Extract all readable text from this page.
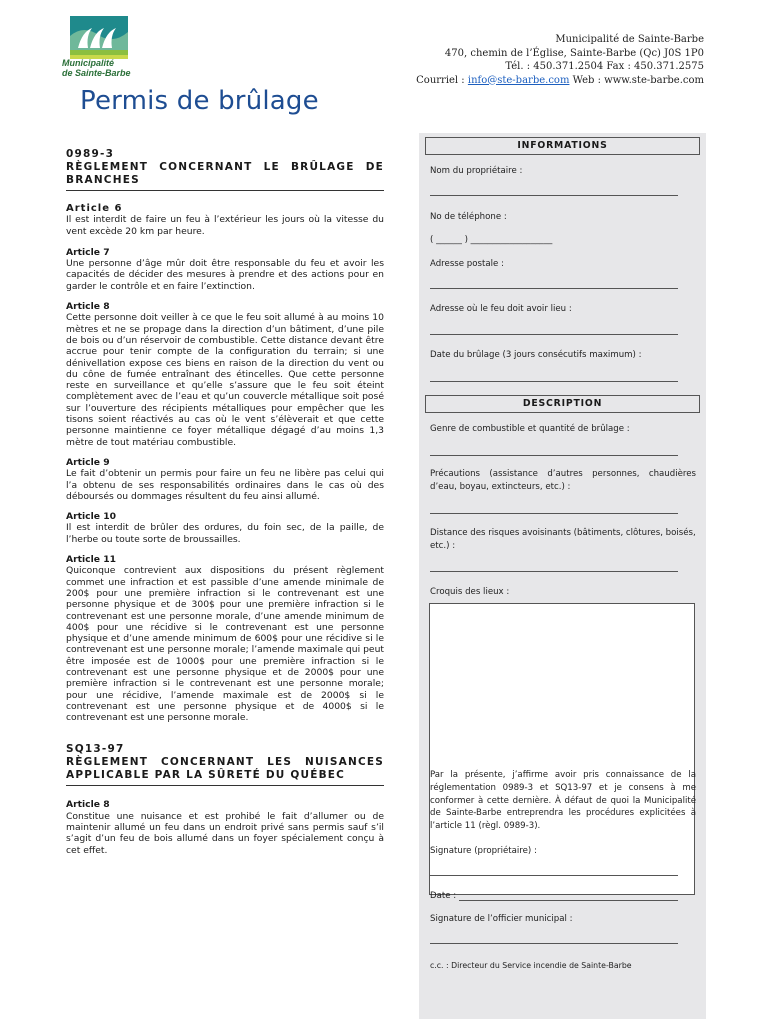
Municipalité
de Sainte-Barbe
Municipalité de Sainte-Barbe
470, chemin de l’Église, Sainte-Barbe (Qc) J0S 1P0
Tél. : 450.371.2504 Fax : 450.371.2575
Courriel : info@ste-barbe.com Web : www.ste-barbe.com
Permis de brûlage
0989-3
RÈGLEMENT CONCERNANT LE BRÛLAGE DE BRANCHES
Article 6
Il est interdit de faire un feu à l’extérieur les jours où la vitesse du vent excède 20 km par heure.
Article 7
Une personne d’âge mûr doit être responsable du feu et avoir les capacités de décider des mesures à prendre et des actions pour en garder le contrôle et en faire l’extinction.
Article 8
Cette personne doit veiller à ce que le feu soit allumé à au moins 10 mètres et ne se propage dans la direction d’un bâtiment, d’une pile de bois ou d’un réservoir de combustible. Cette distance devant être accrue pour tenir compte de la configuration du terrain; si une dénivellation expose ces biens en raison de la direction du vent ou du cône de fumée entraînant des étincelles. Que cette personne reste en surveillance et qu’elle s’assure que le feu soit éteint complètement avec de l’eau et qu’un couvercle métallique soit posé sur l’ouverture des récipients métalliques pour empêcher que les tisons soient réactivés au cas où le vent s’élèverait et que cette personne maintienne ce foyer métallique dégagé d’au moins 1,3 mètre de tout matériau combustible.
Article 9
Le fait d’obtenir un permis pour faire un feu ne libère pas celui qui l’a obtenu de ses responsabilités ordinaires dans le cas où des déboursés ou dommages résultent du feu ainsi allumé.
Article 10
Il est interdit de brûler des ordures, du foin sec, de la paille, de l’herbe ou toute sorte de broussailles.
Article 11
Quiconque contrevient aux dispositions du présent règlement commet une infraction et est passible d’une amende minimale de 200$ pour une première infraction si le contrevenant est une personne physique et de 300$ pour une première infraction si le contrevenant est une personne morale, d’une amende minimum de 400$ pour une récidive si le contrevenant est une personne physique et d’une amende minimum de 600$ pour une récidive si le contrevenant est une personne morale; l’amende maximale qui peut être imposée est de 1000$ pour une première infraction si le contrevenant est une personne physique et de 2000$ pour une première infraction si le contrevenant est une personne morale; pour une récidive, l’amende maximale est de 2000$ si le contrevenant est une personne physique et de 4000$ si le contrevenant est une personne morale.
SQ13-97
RÈGLEMENT CONCERNANT LES NUISANCES APPLICABLE PAR LA SÛRETÉ DU QUÉBEC
Article 8
Constitue une nuisance et est prohibé le fait d’allumer ou de maintenir allumé un feu dans un endroit privé sans permis sauf s’il s’agit d’un feu de bois allumé dans un foyer spécialement conçu à cet effet.
INFORMATIONS
Nom du propriétaire :
No de téléphone :
( ______ ) ___________________
Adresse postale :
Adresse où le feu doit avoir lieu :
Date du brûlage (3 jours consécutifs maximum) :
DESCRIPTION
Genre de combustible et quantité de brûlage :
Précautions (assistance d’autres personnes, chaudières d’eau, boyau, extincteurs, etc.) :
Distance des risques avoisinants (bâtiments, clôtures, boisés, etc.) :
Croquis des lieux :
Par la présente, j’affirme avoir pris connaissance de la réglementation 0989-3 et SQ13-97 et je consens à me conformer à cette dernière. À défaut de quoi la Municipalité de Sainte-Barbe entreprendra les procédures explicitées à l’article 11 (règl. 0989-3).
Signature (propriétaire) :
Date :
Signature de l’officier municipal :
c.c. : Directeur du Service incendie de Sainte-Barbe
